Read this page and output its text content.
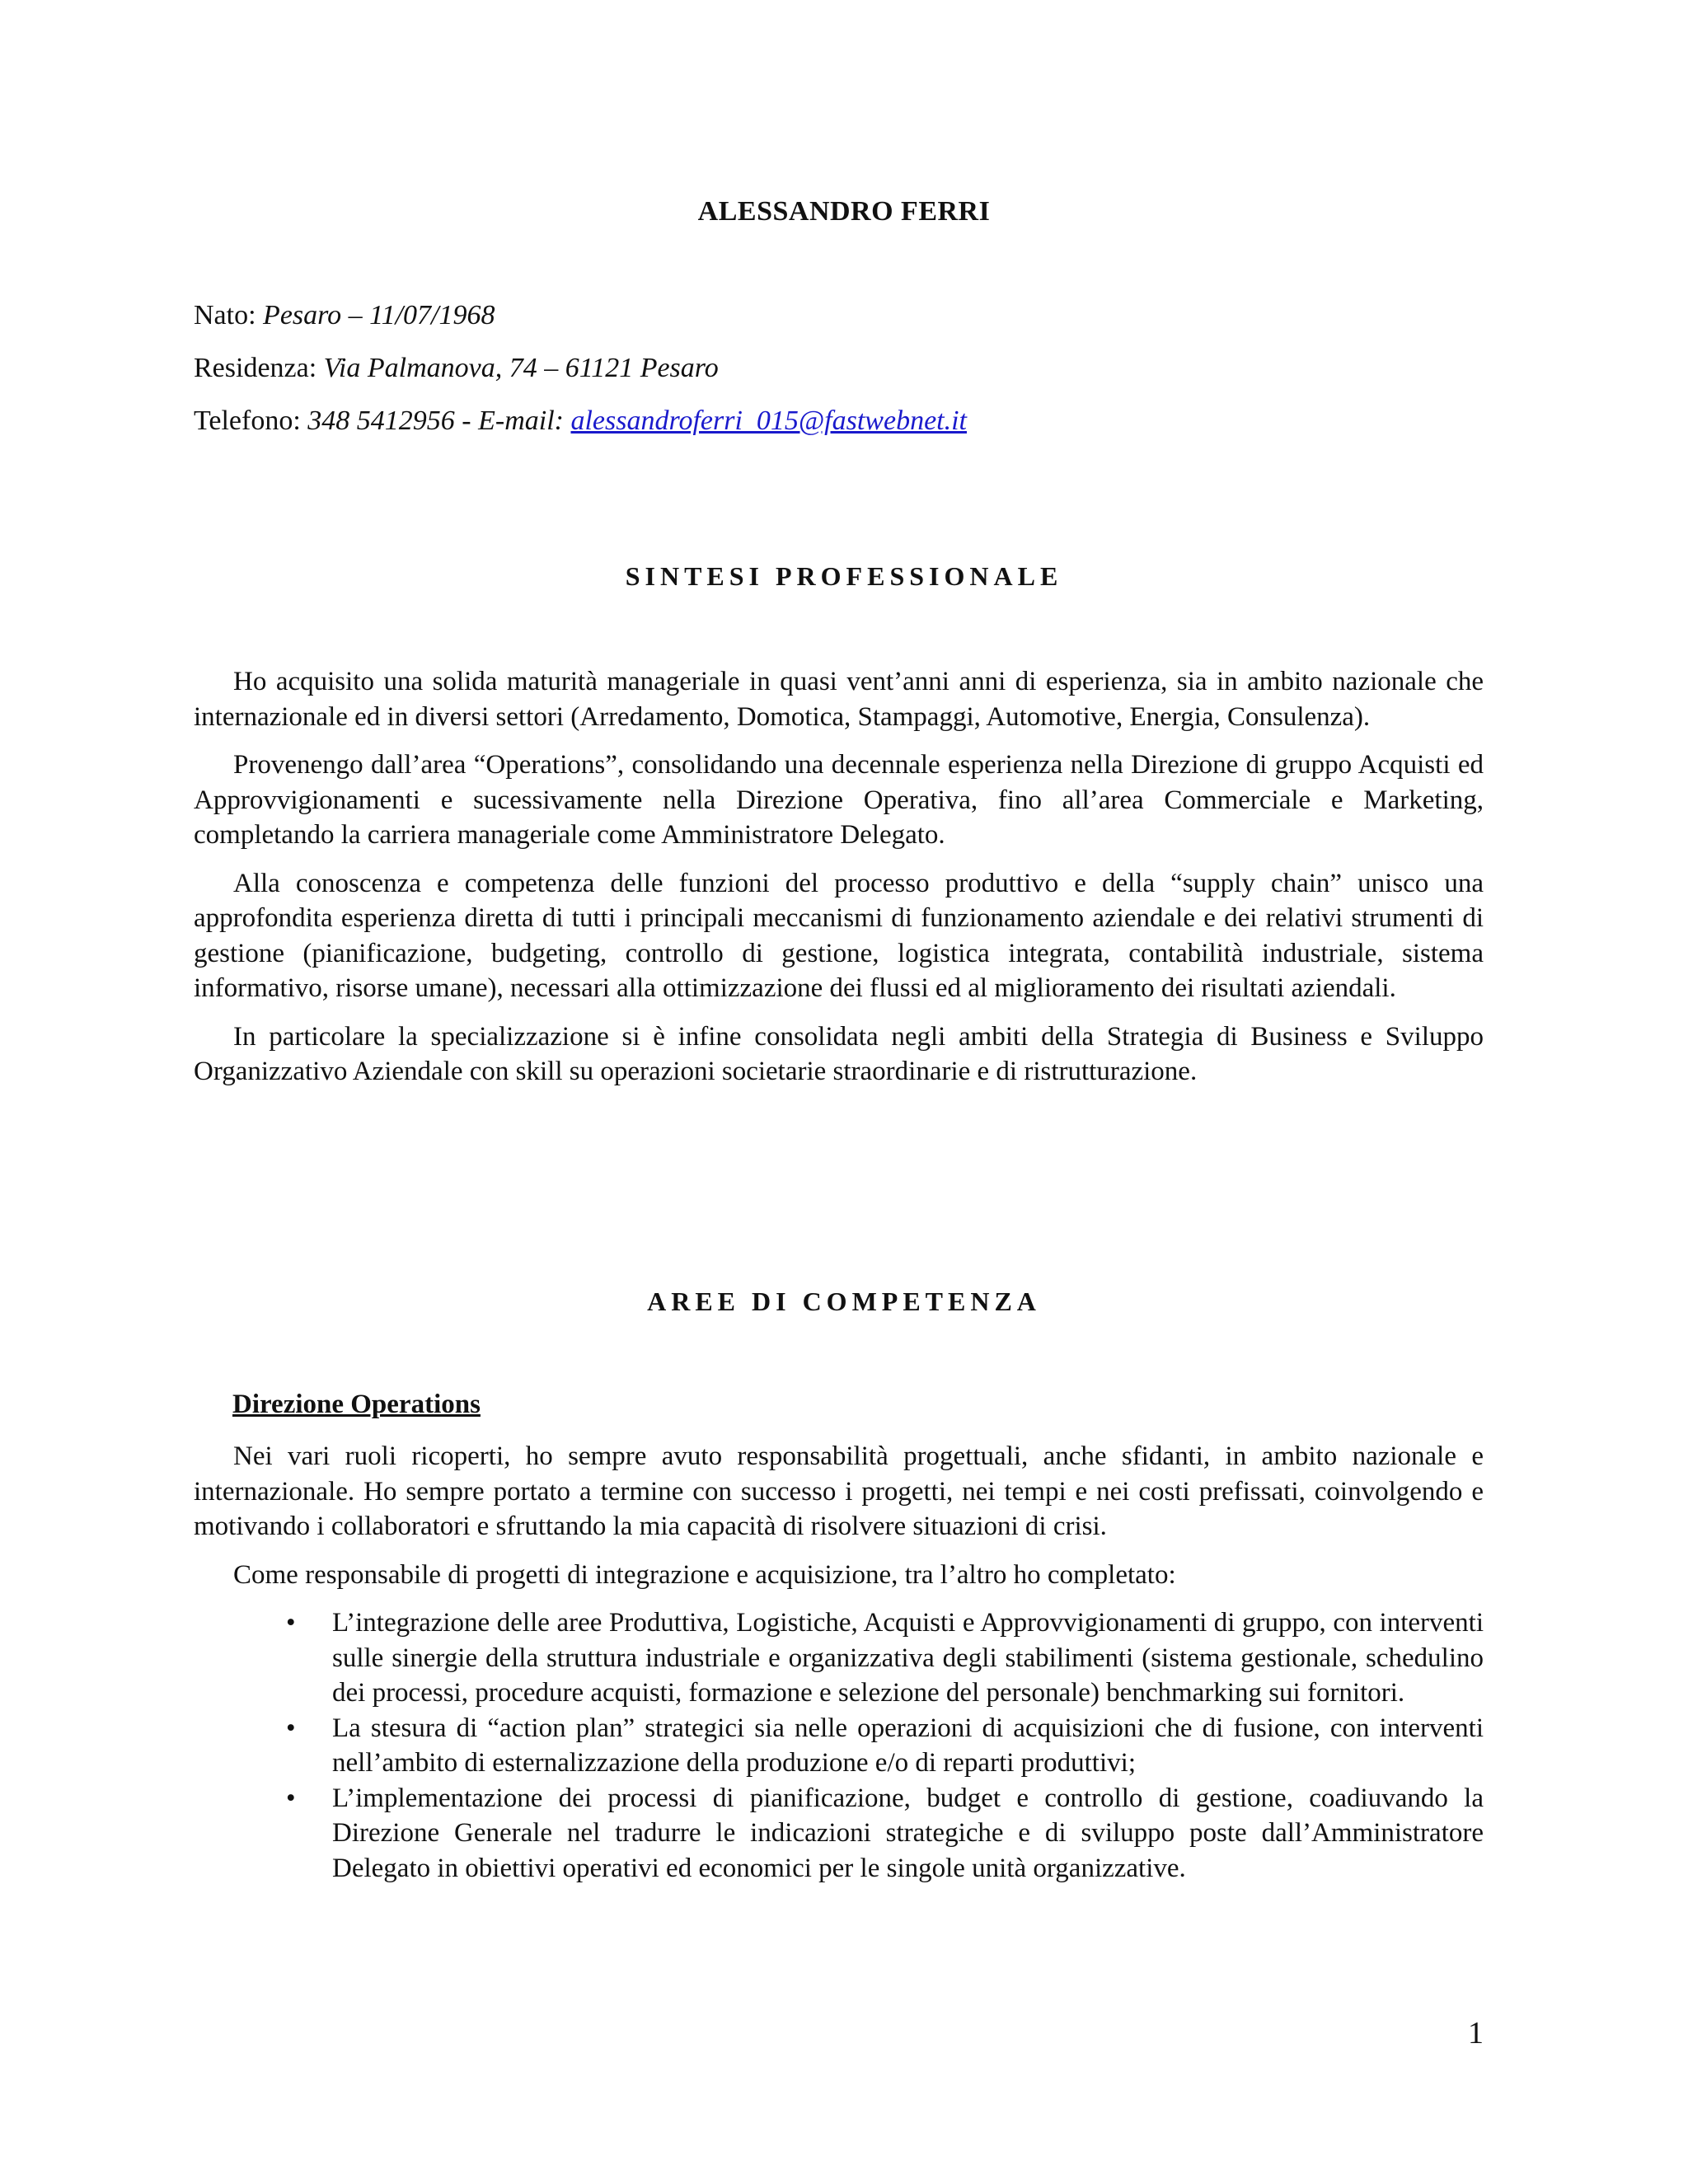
ALESSANDRO FERRI
Nato: Pesaro – 11/07/1968
Residenza: Via Palmanova, 74 – 61121 Pesaro
Telefono: 348 5412956 - E-mail: alessandroferri_015@fastwebnet.it
SINTESI PROFESSIONALE

Ho acquisito una solida maturità manageriale in quasi vent’anni anni di esperienza, sia in ambito nazionale che internazionale ed in diversi settori (Arredamento, Domotica, Stampaggi, Automotive, Energia, Consulenza).

Provenengo dall’area “Operations”, consolidando una decennale esperienza nella Direzione di gruppo Acquisti ed Approvvigionamenti e sucessivamente nella Direzione Operativa, fino all’area Commerciale e Marketing, completando la carriera manageriale come Amministratore Delegato.

Alla conoscenza e competenza delle funzioni del processo produttivo e della “supply chain” unisco una approfondita esperienza diretta di tutti i principali meccanismi di funzionamento aziendale e dei relativi strumenti di gestione (pianificazione, budgeting, controllo di gestione, logistica integrata, contabilità industriale, sistema informativo, risorse umane), necessari alla ottimizzazione dei flussi ed al miglioramento dei risultati aziendali.

In particolare la specializzazione si è infine consolidata negli ambiti della Strategia di Business e Sviluppo Organizzativo Aziendale con skill su operazioni societarie straordinarie e di ristrutturazione.

AREE DI COMPETENZA
Direzione Operations

Nei vari ruoli ricoperti, ho sempre avuto responsabilità progettuali, anche sfidanti, in ambito nazionale e internazionale. Ho sempre portato a termine con successo i progetti, nei tempi e nei costi prefissati, coinvolgendo e motivando i collaboratori e sfruttando la mia capacità di risolvere situazioni di crisi.

Come responsabile di progetti di integrazione e acquisizione, tra l’altro ho completato:

• L’integrazione delle aree Produttiva, Logistiche, Acquisti e Approvvigionamenti di gruppo, con interventi sulle sinergie della struttura industriale e organizzativa degli stabilimenti (sistema gestionale, schedulino dei processi, procedure acquisti, formazione e selezione del personale) benchmarking sui fornitori.
• La stesura di “action plan” strategici sia nelle operazioni di acquisizioni che di fusione, con interventi nell’ambito di esternalizzazione della produzione e/o di reparti produttivi;
• L’implementazione dei processi di pianificazione, budget e controllo di gestione, coadiuvando la Direzione Generale nel tradurre le indicazioni strategiche e di sviluppo poste dall’Amministratore Delegato in obiettivi operativi ed economici per le singole unità organizzative.
1
